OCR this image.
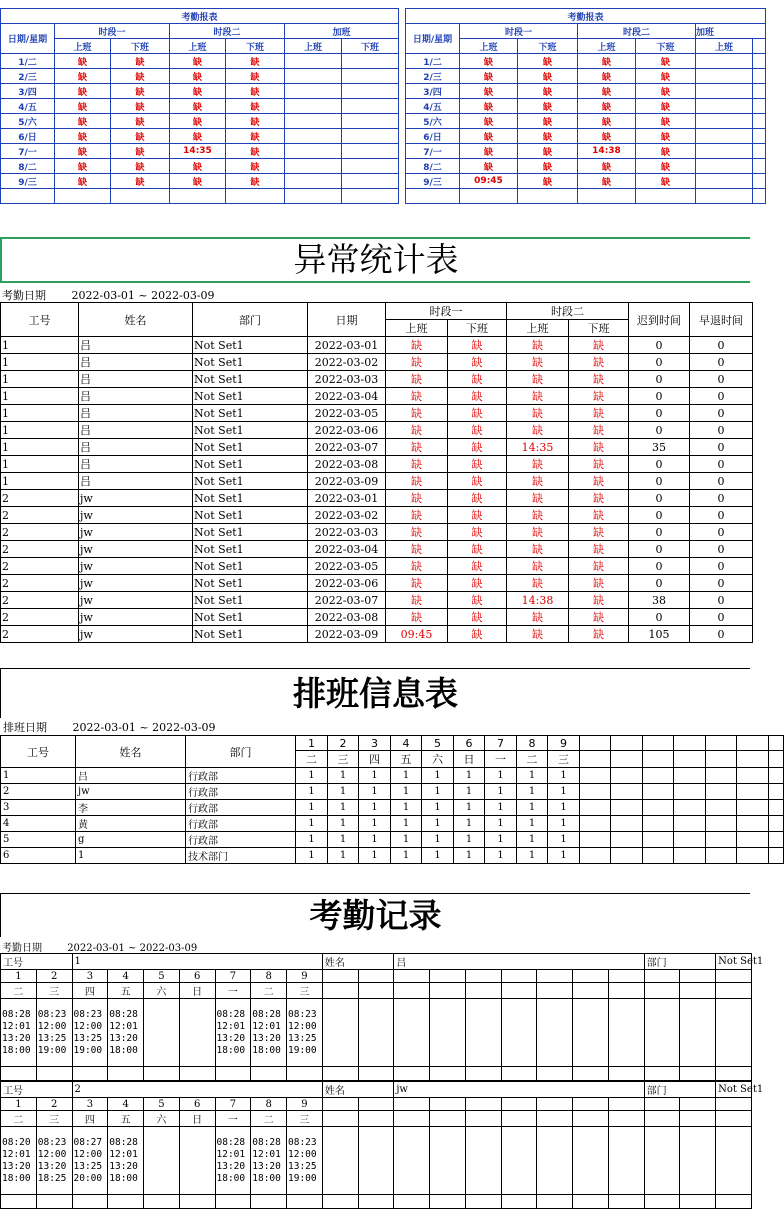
考勤报表						
日期/星期	时段一		时段二		加班	
	上班	下班	上班	下班	上班	下班
1/二	缺	缺	缺	缺		
2/三	缺	缺	缺	缺		
3/四	缺	缺	缺	缺		
4/五	缺	缺	缺	缺		
5/六	缺	缺	缺	缺		
6/日	缺	缺	缺	缺		
7/一	缺	缺	14:35	缺		
8/二	缺	缺	缺	缺		
9/三	缺	缺	缺	缺		

考勤报表						
日期/星期	时段一		时段二		加班	
	上班	下班	上班	下班	上班	
1/二	缺	缺	缺	缺		
2/三	缺	缺	缺	缺		
3/四	缺	缺	缺	缺		
4/五	缺	缺	缺	缺		
5/六	缺	缺	缺	缺		
6/日	缺	缺	缺	缺		
7/一	缺	缺	14:38	缺		
8/二	缺	缺	缺	缺		
9/三	09:45	缺	缺	缺		

异常统计表
考勤日期 2022-03-01 ~ 2022-03-09
工号	姓名	部门	日期	时段一		时段二		迟到时间	早退时间
				上班	下班	上班	下班		
1	吕	Not Set1	2022-03-01	缺	缺	缺	缺	0	0
1	吕	Not Set1	2022-03-02	缺	缺	缺	缺	0	0
1	吕	Not Set1	2022-03-03	缺	缺	缺	缺	0	0
1	吕	Not Set1	2022-03-04	缺	缺	缺	缺	0	0
1	吕	Not Set1	2022-03-05	缺	缺	缺	缺	0	0
1	吕	Not Set1	2022-03-06	缺	缺	缺	缺	0	0
1	吕	Not Set1	2022-03-07	缺	缺	14:35	缺	35	0
1	吕	Not Set1	2022-03-08	缺	缺	缺	缺	0	0
1	吕	Not Set1	2022-03-09	缺	缺	缺	缺	0	0
2	jw	Not Set1	2022-03-01	缺	缺	缺	缺	0	0
2	jw	Not Set1	2022-03-02	缺	缺	缺	缺	0	0
2	jw	Not Set1	2022-03-03	缺	缺	缺	缺	0	0
2	jw	Not Set1	2022-03-04	缺	缺	缺	缺	0	0
2	jw	Not Set1	2022-03-05	缺	缺	缺	缺	0	0
2	jw	Not Set1	2022-03-06	缺	缺	缺	缺	0	0
2	jw	Not Set1	2022-03-07	缺	缺	14:38	缺	38	0
2	jw	Not Set1	2022-03-08	缺	缺	缺	缺	0	0
2	jw	Not Set1	2022-03-09	09:45	缺	缺	缺	105	0
排班信息表
排班日期 2022-03-01 ~ 2022-03-09
工号	姓名	部门	1	2	3	4	5	6	7	8	9							
			二	三	四	五	六	日	一	二	三							
1	吕	行政部	1	1	1	1	1	1	1	1	1							
2	jw	行政部	1	1	1	1	1	1	1	1	1							
3	李	行政部	1	1	1	1	1	1	1	1	1							
4	黄	行政部	1	1	1	1	1	1	1	1	1							
5	g	行政部	1	1	1	1	1	1	1	1	1							
6	1	技术部门	1	1	1	1	1	1	1	1	1							
考勤记录
考勤日期	2022-03-01 ~ 2022-03-09
工号		1							姓名		吕							部门		Not Set1
1	2	3	4	5	6	7	8	9												
二	三	四	五	六	日	一	二	三												
08:28
12:01
13:20
18:00	08:23
12:00
13:25
19:00	08:23
12:00
13:25
19:00	08:28
12:01
13:20
18:00			08:28
12:01
13:20
18:00	08:28
12:01
13:20
18:00	08:23
12:00
13:25
19:00												

工号		2							姓名		jw							部门		Not Set1
1	2	3	4	5	6	7	8	9												
二	三	四	五	六	日	一	二	三												
08:20
12:01
13:20
18:00	08:23
12:00
13:20
18:25	08:27
12:00
13:25
20:00	08:28
12:01
13:20
18:00			08:28
12:01
13:20
18:00	08:28
12:01
13:20
18:00	08:23
12:00
13:25
19:00												
